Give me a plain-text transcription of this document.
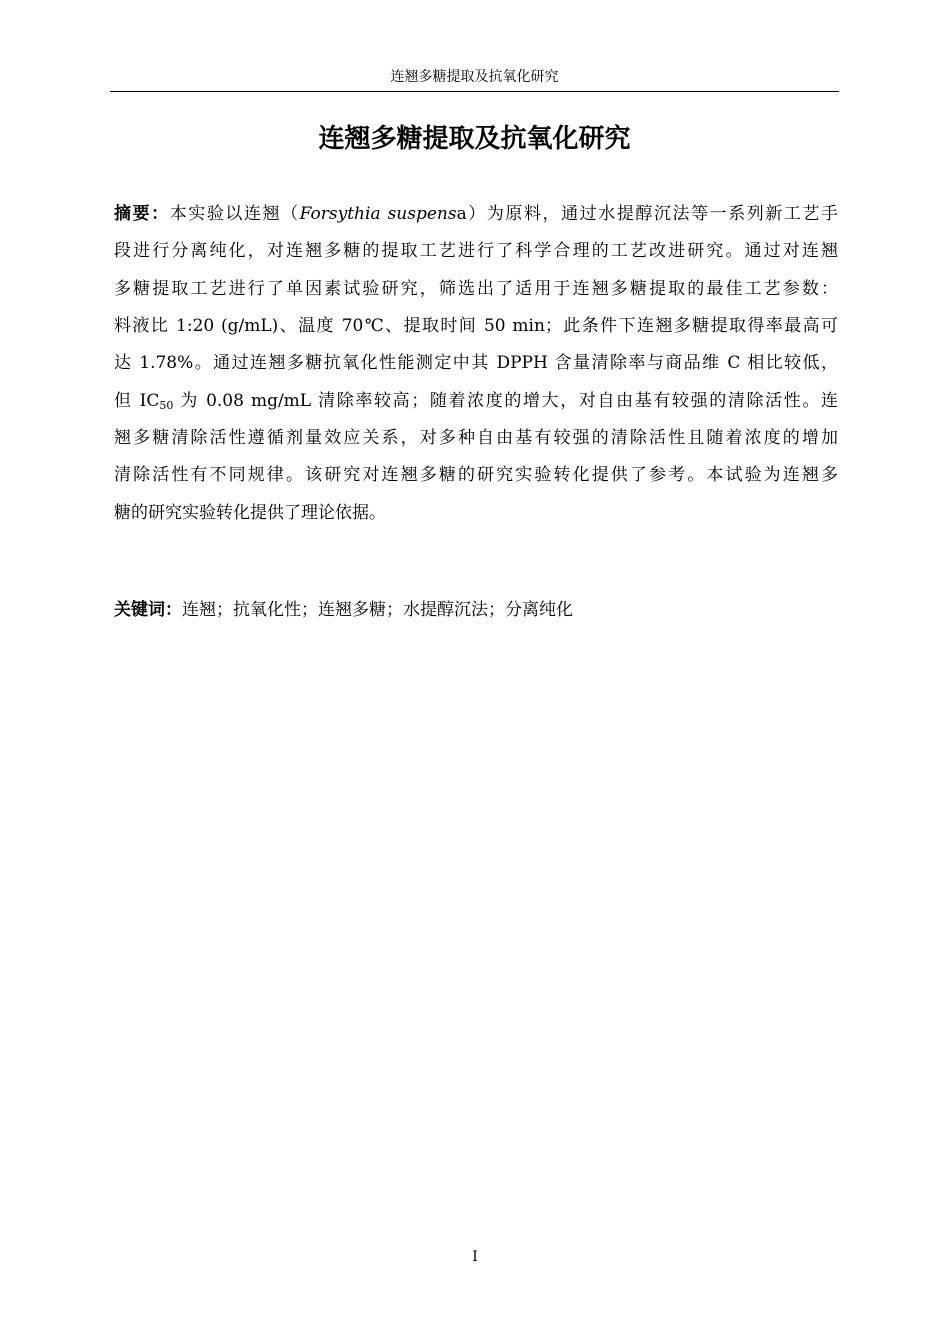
连翘多糖提取及抗氧化研究
连翘多糖提取及抗氧化研究
摘要：本实验以连翘（Forsythia suspensa）为原料，通过水提醇沉法等一系列新工艺手
段进行分离纯化，对连翘多糖的提取工艺进行了科学合理的工艺改进研究。通过对连翘
多糖提取工艺进行了单因素试验研究，筛选出了适用于连翘多糖提取的最佳工艺参数：
料液比 1:20 (g/mL)、温度 70℃、提取时间 50 min；此条件下连翘多糖提取得率最高可
达 1.78%。通过连翘多糖抗氧化性能测定中其 DPPH 含量清除率与商品维 C 相比较低，
但 $IC_{50}$ 为 0.08 mg/mL 清除率较高；随着浓度的增大，对自由基有较强的清除活性。连
翘多糖清除活性遵循剂量效应关系，对多种自由基有较强的清除活性且随着浓度的增加
清除活性有不同规律。该研究对连翘多糖的研究实验转化提供了参考。本试验为连翘多
糖的研究实验转化提供了理论依据。
关键词：连翘；抗氧化性；连翘多糖；水提醇沉法；分离纯化
I
